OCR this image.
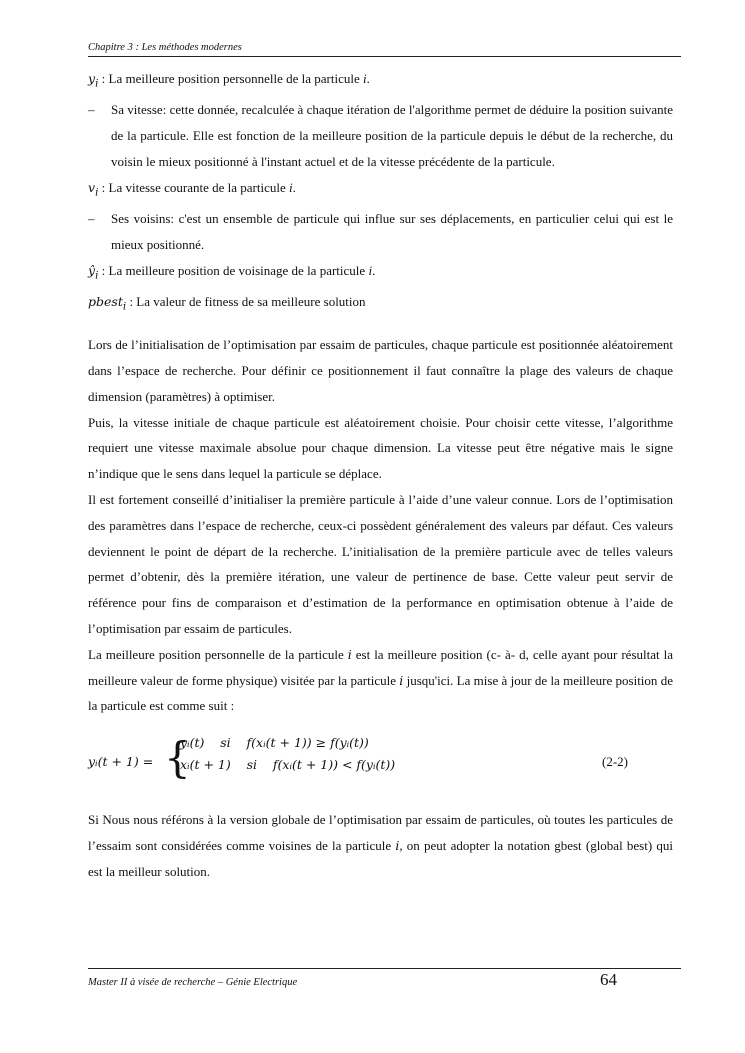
Chapitre 3 : Les méthodes modernes

$y_i$ : La meilleure position personnelle de la particule i.

– Sa vitesse: cette donnée, recalculée à chaque itération de l'algorithme permet de déduire la position suivante de la particule. Elle est fonction de la meilleure position de la particule depuis le début de la recherche, du voisin le mieux positionné à l'instant actuel et de la vitesse précédente de la particule.

$v_i$ : La vitesse courante de la particule i.

– Ses voisins: c'est un ensemble de particule qui influe sur ses déplacements, en particulier celui qui est le mieux positionné.

$ŷ_i$ : La meilleure position de voisinage de la particule i.

pbest$_i$ : La valeur de fitness de sa meilleure solution

Lors de l’initialisation de l’optimisation par essaim de particules, chaque particule est positionnée aléatoirement dans l’espace de recherche. Pour définir ce positionnement il faut connaître la plage des valeurs de chaque dimension (paramètres) à optimiser.

Puis, la vitesse initiale de chaque particule est aléatoirement choisie. Pour choisir cette vitesse, l’algorithme requiert une vitesse maximale absolue pour chaque dimension. La vitesse peut être négative mais le signe n’indique que le sens dans lequel la particule se déplace.

Il est fortement conseillé d’initialiser la première particule à l’aide d’une valeur connue. Lors de l’optimisation des paramètres dans l’espace de recherche, ceux-ci possèdent généralement des valeurs par défaut. Ces valeurs deviennent le point de départ de la recherche. L’initialisation de la première particule avec de telles valeurs permet d’obtenir, dès la première itération, une valeur de pertinence de base. Cette valeur peut servir de référence pour fins de comparaison et d’estimation de la performance en optimisation obtenue à l’aide de l’optimisation par essaim de particules.

La meilleure position personnelle de la particule i est la meilleure position (c- à- d, celle ayant pour résultat la meilleure valeur de forme physique) visitée par la particule i jusqu'ici. La mise à jour de la meilleure position de la particule est comme suit :

yᵢ(t + 1) = {
yᵢ(t)    si    f(xᵢ(t + 1)) ≥ f(yᵢ(t))
xᵢ(t + 1)    si    f(xᵢ(t + 1)) < f(yᵢ(t))	(2-2)

Si Nous nous référons à la version globale de l’optimisation par essaim de particules, où toutes les particules de l’essaim sont considérées comme voisines de la particule i, on peut adopter la notation gbest (global best) qui est la meilleur solution.

Master II à visée de recherche – Génie Electrique	64
